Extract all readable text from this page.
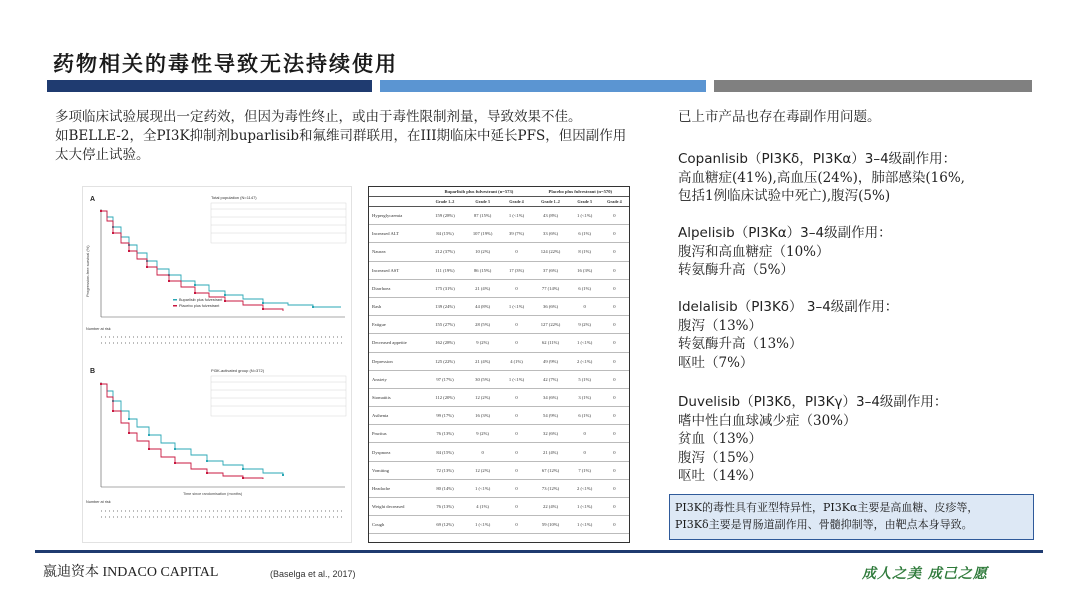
药物相关的毒性导致无法持续使用

多项临床试验展现出一定药效，但因为毒性终止，或由于毒性限制剂量，导致效果不佳。

如BELLE-2，全PI3K抑制剂buparlisib和氟维司群联用，在III期临床中延长PFS，但因副作用太大停止试验。

A	Total population (N=1147)
Progression-free survival (%)
Buparlisib plus fulvestrant
Placebo plus fulvestrant
Number at risk
B	PI3K-activated group (N=372)
Time since randomisation (months)
Number at risk
	Buparlisib plus fulvestrant (n=573)			Placebo plus fulvestrant (n=570)		
	Grade 1–2	Grade 3	Grade 4	Grade 1–2	Grade 3	Grade 4
Hyperglycaemia	159 (28%)	87 (15%)	1 (<1%)	43 (8%)	1 (<1%)	0
Increased ALT	84 (15%)	107 (19%)	39 (7%)	33 (6%)	6 (1%)	0
Nausea	212 (37%)	10 (2%)	0	124 (22%)	8 (1%)	0
Increased AST	111 (19%)	86 (15%)	17 (3%)	37 (6%)	16 (3%)	0
Diarrhoea	175 (31%)	21 (4%)	0	77 (14%)	6 (1%)	0
Rash	139 (24%)	44 (8%)	1 (<1%)	36 (6%)	0	0
Fatigue	155 (27%)	28 (5%)	0	127 (22%)	9 (2%)	0
Decreased appetite	162 (28%)	9 (2%)	0	62 (11%)	1 (<1%)	0
Depression	125 (22%)	21 (4%)	4 (1%)	49 (9%)	2 (<1%)	0
Anxiety	97 (17%)	30 (5%)	1 (<1%)	42 (7%)	5 (1%)	0
Stomatitis	112 (20%)	12 (2%)	0	34 (6%)	3 (1%)	0
Asthenia	99 (17%)	16 (3%)	0	54 (9%)	6 (1%)	0
Pruritus	76 (13%)	9 (2%)	0	32 (6%)	0	0
Dyspnoea	84 (15%)	0	0	21 (4%)	0	0
Vomiting	72 (13%)	12 (2%)	0	67 (12%)	7 (1%)	0
Headache	80 (14%)	1 (<1%)	0	73 (12%)	2 (<1%)	0
Weight decreased	76 (13%)	4 (1%)	0	22 (4%)	1 (<1%)	0
Cough	69 (12%)	1 (<1%)	0	59 (10%)	1 (<1%)	0
已上市产品也存在毒副作用问题。
Copanlisib（PI3Kδ，PI3Kα）3–4级副作用：
高血糖症(41%),高血压(24%)，肺部感染(16%,
包括1例临床试验中死亡),腹泻(5%)
Alpelisib（PI3Kα）3–4级副作用：
腹泻和高血糖症（10%）
转氨酶升高（5%）
Idelalisib（PI3Kδ） 3–4级副作用：
腹泻（13%）
转氨酶升高（13%）
呕吐（7%）
Duvelisib（PI3Kδ，PI3Kγ）3–4级副作用：
嗜中性白血球减少症（30%）
贫血（13%）
腹泻（15%）
呕吐（14%）
PI3K的毒性具有亚型特异性，PI3Kα主要是高血糖、皮疹等，
PI3Kδ主要是胃肠道副作用、骨髓抑制等，由靶点本身导致。
嬴迪资本 INDACO CAPITAL	(Baselga et al., 2017)	成人之美 成己之愿
